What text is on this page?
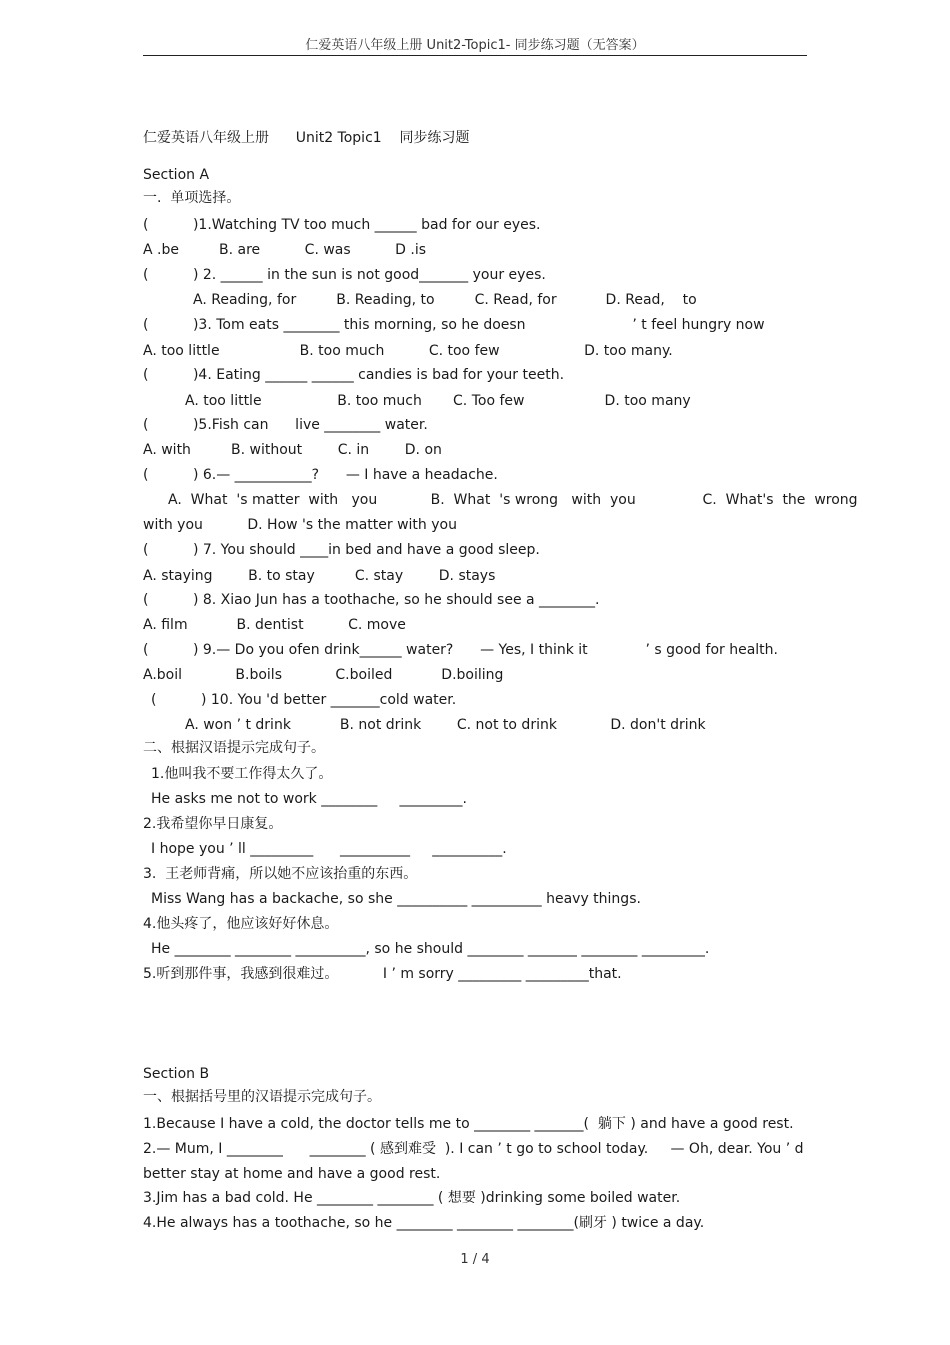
仁爱英语八年级上册 Unit2-Topic1- 同步练习题（无答案）
仁爱英语八年级上册      Unit2 Topic1    同步练习题
Section A
一.  单项选择。
(          )1.Watching TV too much ______ bad for our eyes.
A .be         B. are          C. was          D .is
(          ) 2. ______ in the sun is not good_______ your eyes.
A. Reading, for         B. Reading, to         C. Read, for           D. Read,    to
(          )3. Tom eats ________ this morning, so he doesn                        ’ t feel hungry now
A. too little                  B. too much          C. too few                   D. too many.
(          )4. Eating ______ ______ candies is bad for your teeth.
A. too little                 B. too much       C. Too few                  D. too many
(          )5.Fish can      live ________ water.
A. with         B. without        C. in        D. on
(          ) 6.— ___________?      — I have a headache.
A.  What  's matter  with   you            B.  What  's wrong   with  you               C.  What's  the  wrong
with you          D. How 's the matter with you
(          ) 7. You should ____in bed and have a good sleep.
A. staying        B. to stay         C. stay        D. stays
(          ) 8. Xiao Jun has a toothache, so he should see a ________.
A. film           B. dentist          C. move
(          ) 9.— Do you ofen drink______ water?      — Yes, I think it             ’ s good for health.
A.boil            B.boils            C.boiled           D.boiling
(          ) 10. You 'd better _______cold water.
A. won ’ t drink           B. not drink        C. not to drink            D. don't drink
二、根据汉语提示完成句子。
1.他叫我不要工作得太久了。
He asks me not to work ________     _________.
2.我希望你早日康复。
I hope you ’ ll _________      __________     __________.
3.  王老师背痛，所以她不应该抬重的东西。
Miss Wang has a backache, so she __________ __________ heavy things.
4.他头疼了，他应该好好休息。
He ________ ________ __________, so he should ________ _______ ________ _________.
5.听到那件事，我感到很难过。          I ’ m sorry _________ _________that.
Section B
一、根据括号里的汉语提示完成句子。
1.Because I have a cold, the doctor tells me to ________ _______(  躺下 ) and have a good rest.
2.— Mum, I ________      ________ ( 感到难受  ). I can ’ t go to school today.     — Oh, dear. You ’ d
better stay at home and have a good rest.
3.Jim has a bad cold. He ________ ________ ( 想要 )drinking some boiled water.
4.He always has a toothache, so he ________ ________ ________(刷牙 ) twice a day.
1 / 4
